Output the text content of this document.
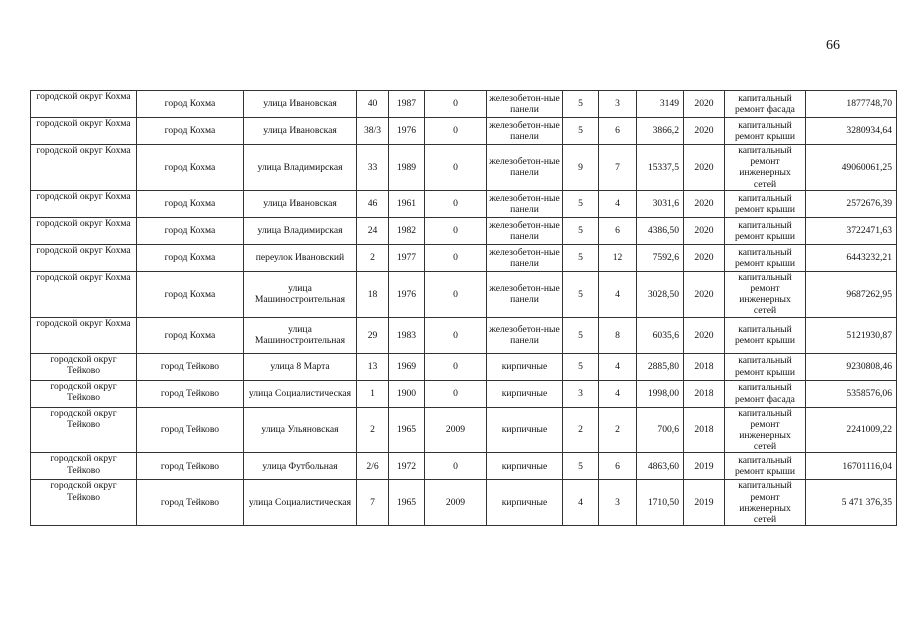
66
городской округ Кохма	город Кохма	улица Ивановская	40	1987	0	железобетон-ные панели	5	3	3149	2020	капитальный ремонт фасада	1877748,70
городской округ Кохма	город Кохма	улица Ивановская	38/3	1976	0	железобетон-ные панели	5	6	3866,2	2020	капитальный ремонт крыши	3280934,64
городской округ Кохма	город Кохма	улица Владимирская	33	1989	0	железобетон-ные панели	9	7	15337,5	2020	капитальный ремонт инженерных сетей	49060061,25
городской округ Кохма	город Кохма	улица Ивановская	46	1961	0	железобетон-ные панели	5	4	3031,6	2020	капитальный ремонт крыши	2572676,39
городской округ Кохма	город Кохма	улица Владимирская	24	1982	0	железобетон-ные панели	5	6	4386,50	2020	капитальный ремонт крыши	3722471,63
городской округ Кохма	город Кохма	переулок Ивановский	2	1977	0	железобетон-ные панели	5	12	7592,6	2020	капитальный ремонт крыши	6443232,21
городской округ Кохма	город Кохма	улица Машиностроительная	18	1976	0	железобетон-ные панели	5	4	3028,50	2020	капитальный ремонт инженерных сетей	9687262,95
городской округ Кохма	город Кохма	улица Машиностроительная	29	1983	0	железобетон-ные панели	5	8	6035,6	2020	капитальный ремонт крыши	5121930,87
городской округ Тейково	город Тейково	улица 8 Марта	13	1969	0	кирпичные	5	4	2885,80	2018	капитальный ремонт крыши	9230808,46
городской округ Тейково	город Тейково	улица Социалистическая	1	1900	0	кирпичные	3	4	1998,00	2018	капитальный ремонт фасада	5358576,06
городской округ Тейково	город Тейково	улица Ульяновская	2	1965	2009	кирпичные	2	2	700,6	2018	капитальный ремонт инженерных сетей	2241009,22
городской округ Тейково	город Тейково	улица Футбольная	2/6	1972	0	кирпичные	5	6	4863,60	2019	капитальный ремонт крыши	16701116,04
городской округ Тейково	город Тейково	улица Социалистическая	7	1965	2009	кирпичные	4	3	1710,50	2019	капитальный ремонт инженерных сетей	5 471 376,35
